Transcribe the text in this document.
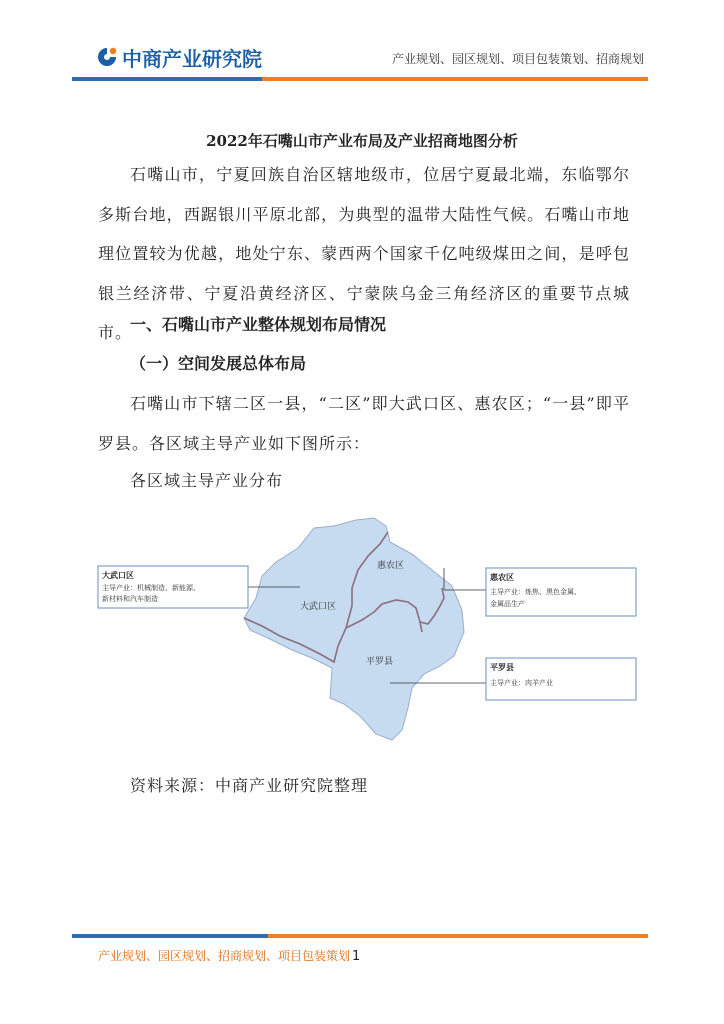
中商产业研究院	产业规划、园区规划、项目包装策划、招商规划
2022年石嘴山市产业布局及产业招商地图分析

石嘴山市，宁夏回族自治区辖地级市，位居宁夏最北端，东临鄂尔多斯台地，西踞银川平原北部，为典型的温带大陆性气候。石嘴山市地理位置较为优越，地处宁东、蒙西两个国家千亿吨级煤田之间，是呼包银兰经济带、宁夏沿黄经济区、宁蒙陕乌金三角经济区的重要节点城市。

一、石嘴山市产业整体规划布局情况
（一）空间发展总体布局

石嘴山市下辖二区一县，“二区”即大武口区、惠农区；“一县”即平罗县。各区域主导产业如下图所示：

各区域主导产业分布
惠农区
大武口区
平罗县
大武口区
主导产业：机械制造、新能源、
新材料和汽车制造
惠农区
主导产业：炼焦、黑色金属、
金属品生产
平罗县
主导产业：肉羊产业
资料来源：中商产业研究院整理
产业规划、园区规划、招商规划、项目包装策划 1
